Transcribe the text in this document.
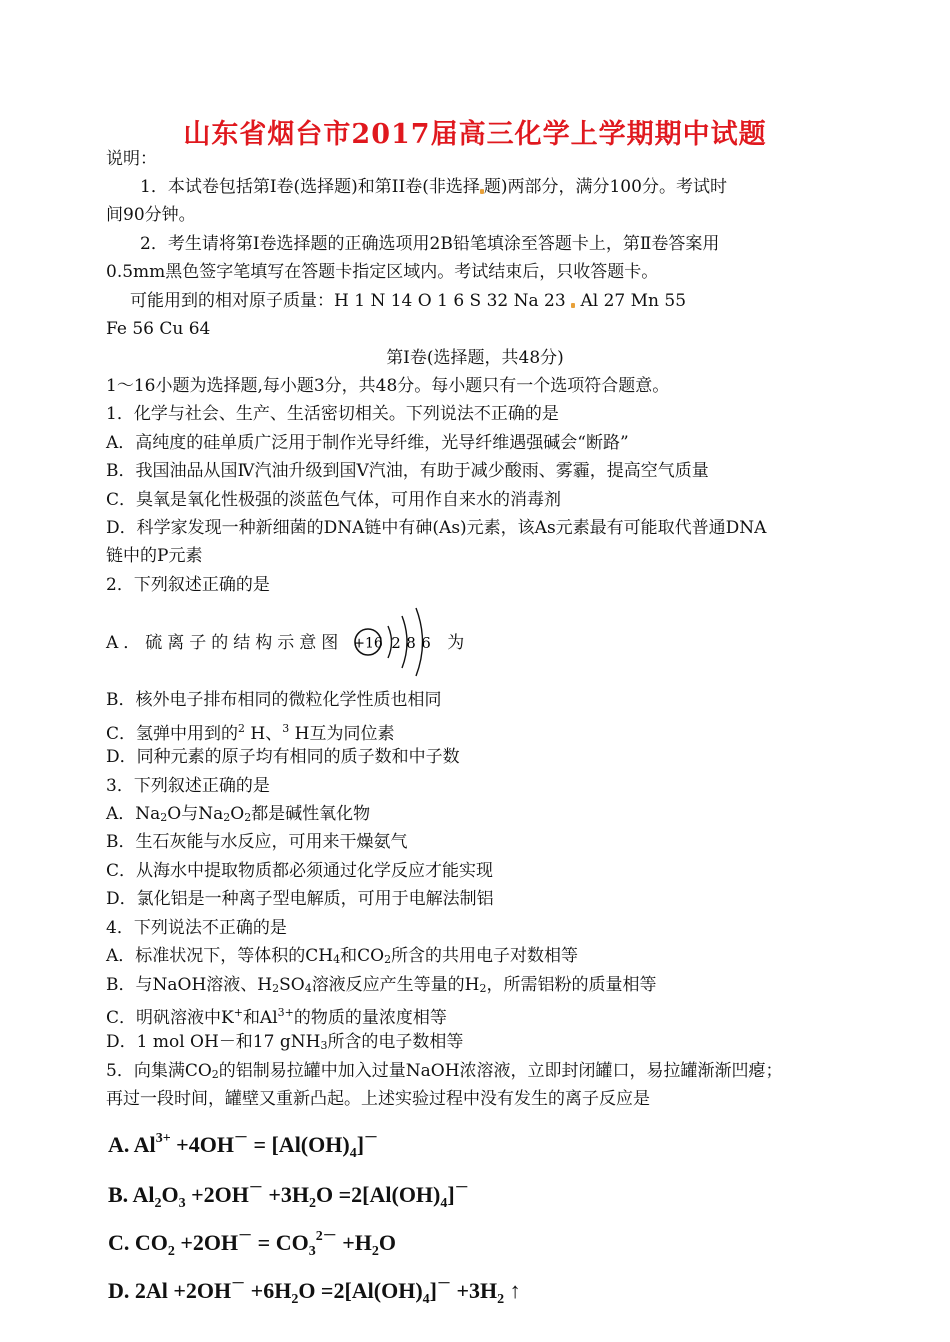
山东省烟台市2017届高三化学上学期期中试题
说明：
1．本试卷包括第Ⅰ卷(选择题)和第II卷(非选择 题)两部分，满分100分。考试时
间90分钟。
2．考生请将第Ⅰ卷选择题的正确选项用2B铅笔填涂至答题卡上，第Ⅱ卷答案用
0.5mm黑色签字笔填写在答题卡指定区域内。考试结束后，只收答题卡。
可能用到的相对原子质量：H 1 N 14 O 1 6 S 32 Na 23  Al 27 Mn 55
Fe 56 Cu 64
第Ⅰ卷(选择题，共48分)
1～16小题为选择题,每小题3分，共48分。每小题只有一个选项符合题意。
1．化学与社会、生产、生活密切相关。下列说法不正确的是
A．高纯度的硅单质广泛用于制作光导纤维，光导纤维遇强碱会“断路”
B．我国油品从国Ⅳ汽油升级到国Ⅴ汽油，有助于减少酸雨、雾霾，提高空气质量
C．臭氧是氧化性极强的淡蓝色气体，可用作自来水的消毒剂
D．科学家发现一种新细菌的DNA链中有砷(As)元素，该As元素最有可能取代普通DNA
链中的P元素
2．下列叙述正确的是
A．硫离子的结构示意图	为
+16 2 8 6
B．核外电子排布相同的微粒化学性质也相同
C．氢弹中用到的$^2$ H、$^3$ H互为同位素
D．同种元素的原子均有相同的质子数和中子数
3．下列叙述正确的是
A．Na2O与Na2O2都是碱性氧化物
B．生石灰能与水反应，可用来干燥氨气
C．从海水中提取物质都必须通过化学反应才能实现
D．氯化铝是一种离子型电解质，可用于电解法制铝
4．下列说法不正确的是
A．标准状况下，等体积的CH4和CO2所含的共用电子对数相等
B．与NaOH溶液、H2SO4溶液反应产生等量的H2，所需铝粉的质量相等
C．明矾溶液中K+和$Al^{3+}$的物质的量浓度相等
D．1 mol OH－和17 gNH3所含的电子数相等
5．向集满CO2的铝制易拉罐中加入过量NaOH浓溶液，立即封闭罐口，易拉罐渐渐凹瘪；
再过一段时间，罐壁又重新凸起。上述实验过程中没有发生的离子反应是
A. $Al^{3+} +4OH^- = [Al(OH)_4]^-$
B. $Al_2O_3 +2OH^- +3H_2O =2[Al(OH)_4]^-$
C. $CO_2 +2OH^- = CO_3^{2-} +H_2O$
D. $2Al +2OH^- +6H_2O =2[Al(OH)_4]^- +3H_2$ ↑
